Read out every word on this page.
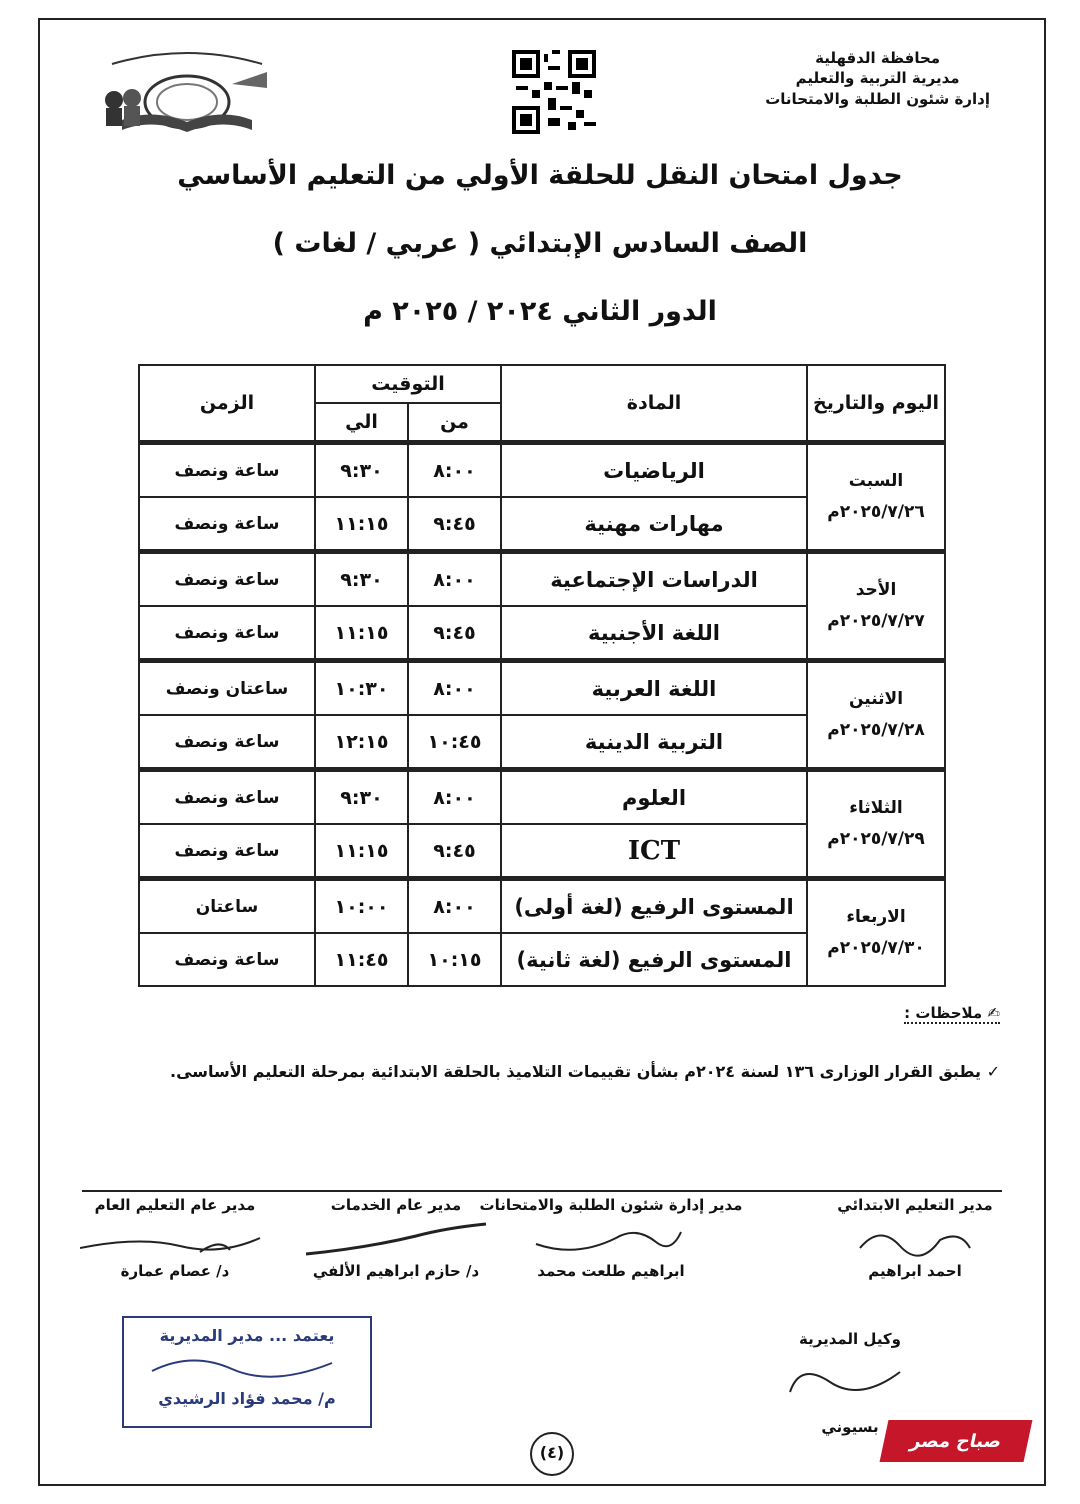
محافظة الدقهلية
مديرية التربية والتعليم
إدارة شئون الطلبة والامتحانات
جدول امتحان النقل للحلقة الأولي من التعليم الأساسي
الصف السادس الإبتدائي ( عربي / لغات )
الدور الثاني ٢٠٢٤ / ٢٠٢٥ م
اليوم والتاريخ	المادة	التوقيت		الزمن
		من	الي	

السبت
٢٠٢٥/٧/٢٦م	الرياضيات	٨:٠٠	٩:٣٠	ساعة ونصف
	مهارات مهنية	٩:٤٥	١١:١٥	ساعة ونصف

الأحد
٢٠٢٥/٧/٢٧م	الدراسات الإجتماعية	٨:٠٠	٩:٣٠	ساعة ونصف
	اللغة الأجنبية	٩:٤٥	١١:١٥	ساعة ونصف

الاثنين
٢٠٢٥/٧/٢٨م	اللغة العربية	٨:٠٠	١٠:٣٠	ساعتان ونصف
	التربية الدينية	١٠:٤٥	١٢:١٥	ساعة ونصف

الثلاثاء
٢٠٢٥/٧/٢٩م	العلوم	٨:٠٠	٩:٣٠	ساعة ونصف
	ICT	٩:٤٥	١١:١٥	ساعة ونصف

الاربعاء
٢٠٢٥/٧/٣٠م	المستوى الرفيع (لغة أولى)	٨:٠٠	١٠:٠٠	ساعتان
	المستوى الرفيع (لغة ثانية)	١٠:١٥	١١:٤٥	ساعة ونصف
✍ ملاحظات :
✓ يطبق القرار الوزارى ١٣٦ لسنة ٢٠٢٤م بشأن تقييمات التلاميذ بالحلقة الابتدائية بمرحلة التعليم الأساسى.
مدير التعليم الابتدائي
احمد ابراهيم
مدير إدارة شئون الطلبة والامتحانات
ابراهيم طلعت محمد
مدير عام الخدمات
د/ حازم ابراهيم الألفي
مدير عام التعليم العام
د/ عصام عمارة
وكيل المديرية
بسيوني
يعتمد ... مدير المديرية
م/ محمد فؤاد الرشيدي
(٤)
صباح مصر
